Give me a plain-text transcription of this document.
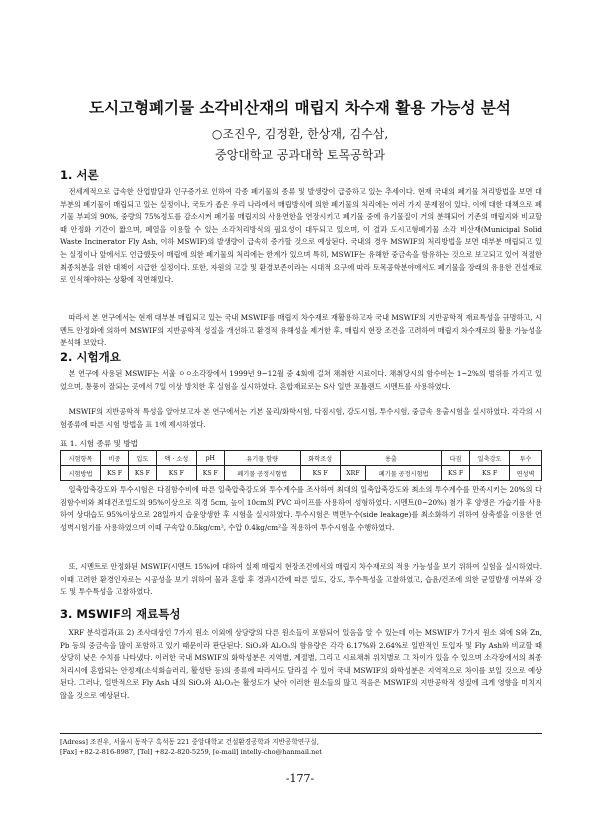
도시고형폐기물 소각비산재의 매립지 차수재 활용 가능성 분석
○조진우, 김정환, 한상재, 김수삼,
중앙대학교 공과대학 토목공학과
1. 서론

전세계적으로 급속한 산업발달과 인구증가로 인하여 각종 폐기물의 종류 및 발생량이 급증하고 있는 추세이다. 현재 국내의 폐기물 처리방법을 보면 대부분의 폐기물이 매립되고 있는 실정이나, 국토가 좁은 우리 나라에서 매립방식에 의한 폐기물의 처리에는 여러 가지 문제점이 있다. 이에 대한 대책으로 폐기물 부피의 90%, 중량의 75%정도를 감소시켜 폐기물 매립지의 사용연한을 연장시키고 폐기물 중에 유기물질이 거의 분해되어 기존의 매립지와 비교할 때 안정화 기간이 짧으며, 폐열을 이용할 수 있는 소각처리방식의 필요성이 대두되고 있으며, 이 결과 도시고형폐기물 소각 비산재(Municipal Solid Waste Incinerator Fly Ash, 이하 MSWIF)의 발생량이 급속히 증가할 것으로 예상된다. 국내의 경우 MSWIF의 처리방법을 보면 대부분 매립되고 있는 실정이나 앞에서도 언급했듯이 매립에 의한 폐기물의 처리에는 한계가 있으며 특히, MSWIF는 유해한 중금속을 함유하는 것으로 보고되고 있어 적절한 최종처분을 위한 대책이 시급한 실정이다. 또한, 자원의 고갈 및 환경보존이라는 시대적 요구에 따라 토목공학분야에서도 폐기물을 장래의 유용한 건설재료로 인식해야하는 상황에 직면해있다.

따라서 본 연구에서는 현재 대부분 매립되고 있는 국내 MSWIF를 매립지 차수재로 재활용하고자 국내 MSWIF의 지반공학적 재료특성을 규명하고, 시멘트 안정화에 의하여 MSWIF의 지반공학적 성질을 개선하고 환경적 유해성을 제거한 후, 매립지 현장 조건을 고려하여 매립지 차수재로의 활용 가능성을 분석해 보았다.

2. 시험개요

본 연구에 사용된 MSWIF는 서울 ㅇㅇ소각장에서 1999년 9~12월 중 4회에 걸쳐 채취한 시료이다. 채취당시의 함수비는 1~2%의 범위를 가지고 있었으며, 통풍이 잘되는 곳에서 7일 이상 방치한 후 실험을 실시하였다. 혼합재료로는 S사 일반 포틀랜드 시멘트를 사용하였다.

MSWIF의 지반공학적 특성을 알아보고자 본 연구에서는 기본 물리/화학시험, 다짐시험, 강도시험, 투수시험, 중금속 용출시험을 실시하였다. 각각의 시험종류에 따른 시험 방법을 표 1에 제시하였다.

표 1. 시험 종류 및 방법
시험항목	비중	입도	액 · 소성	pH	유기물 함량	화학조성	용출		다짐	일축강도	투수
시험방법	KS F	KS F	KS F	KS F	폐기물 공정시험법	KS F	XRF	폐기물 공정시험법	KS F	KS F	연성벽

일축압축강도와 투수시험은 다짐함수비에 따른 일축압축강도와 투수계수를 조사하여 최대의 일축압축강도와 최소의 투수계수를 만족시키는 20%의 다짐함수비와 최대건조밀도의 95%이상으로 직경 5cm, 높이 10cm의 PVC 파이프를 사용하여 성형하였다. 시멘트(0~20%) 첨가 후 양생은 가습기를 사용하여 상대습도 95%이상으로 28일까지 습윤양생한 후 시험을 실시하였다. 투수시험은 벽면누수(side leakage)를 최소화하기 위하여 삼축셀을 이용한 연성벽시험기를 사용하였으며 이때 구속압 0.5kg/cm², 수압 0.4kg/cm²을 적용하여 투수시험을 수행하였다.

또, 시멘트로 안정화된 MSWIF(시멘트 15%)에 대하여 실제 매립지 현장조건에서의 매립지 차수재로의 적용 가능성을 보기 위하여 실험을 실시하였다. 이때 고려한 환경인자로는 시공성을 보기 위하여 물과 혼합 후 경과시간에 따른 밀도, 강도, 투수특성을 고찰하였고, 습윤/건조에 의한 균열발생 여부와 강도 및 투수특성을 고찰하였다.

3. MSWIF의 재료특성

XRF 분석결과(표 2) 조사대상인 7가지 원소 이외에 상당량의 다른 원소들이 포함되어 있음을 알 수 있는데 이는 MSWIF가 7가지 원소 외에 S와 Zn, Pb 등의 중금속을 많이 포함하고 있기 때문이라 판단된다. SiO₂와 Al₂O₃의 함유량은 각각 6.17%와 2.64%로 일반적인 토입자 및 Fly Ash와 비교할 때 상당히 낮은 수치를 나타냈다. 이러한 국내 MSWIF의 화학성분은 지역별, 계절별, 그리고 시료채취 위치별로 그 차이가 있을 수 있으며 소각장에서의 최종 처리시에 혼합되는 안정제(소석회슬러리, 활성탄 등)의 종류에 따라서도 달라질 수 있어 국내 MSWIF의 화학성분은 지역적으로 차이를 보일 것으로 예상된다. 그러나, 일반적으로 Fly Ash 내의 SiO₂와 Al₂O₃는 활성도가 낮아 이러한 원소들의 많고 적음은 MSWIF의 지반공학적 성질에 크게 영향을 미치지 않을 것으로 예상된다.

[Adress] 조진우, 서울시 동작구 흑석동 221 중앙대학교 건설환경공학과 지반공학연구실,
[Fax] +82-2-816-8987, [Tel] +82-2-820-5259, [e-mail] intelly-cho@hanmail.net
-177-
